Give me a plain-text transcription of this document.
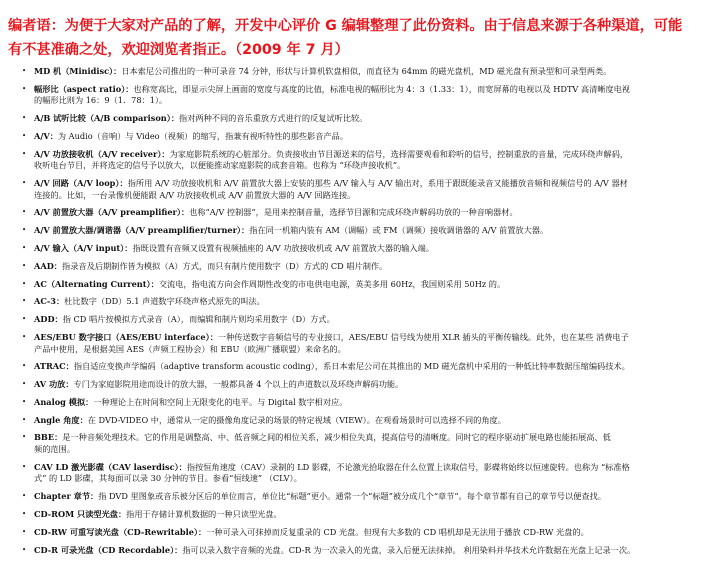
编者语：为便于大家对产品的了解，开发中心评价 G 编辑整理了此份资料。由于信息来源于各种渠道，可能
有不甚准确之处，欢迎浏览者指正。（2009 年 7 月）
• MD 机（Minidisc）：日本索尼公司推出的一种可录音 74 分钟，形状与计算机软盘相似，而直径为 64mm 的磁光盘机，MD 磁光盘有预录型和可录型两类。
• 幅形比（aspect ratio）：也称宽高比，即显示尖屏上画面的宽度与高度的比值，标准电视的幅形比为 4：3（1.33：1），而宽屏幕的电视以及 HDTV 高清晰度电视
的幅形比则为 16：9（1．78：1）。
• A/B 试听比较（A/B comparison）：指对两种不同的音乐重放方式进行的反复试听比较。
• A/V：为 Audio（音响）与 Video（视频）的缩写，指兼有视听特性的那些影音产品。
• A/V 功放接收机（A/V receiver）：为家庭影院系统的心脏部分。负责接收由节目源送来的信号，选择需要观看和聆听的信号，控制重放的音量，完成环绕声解码，
收听电台节目，并将选定的信号予以放大，以便能推动家庭影院的成套音箱。也称为 “环绕声接收机”。
• A/V 回路（A/V loop）：指所用 A/V 功放接收机和 A/V 前置放大器上安装的那些 A/V 输入与 A/V 输出对，系用于跟既能录音又能播放音频和视频信号的 A/V 器材
连接的。比如，一台录像机便能跟 A/V 功放接收机或 A/V 前置放大器的 A/V 回路连接。
• A/V 前置放大器（A/V preamplifier）：也称“A/V 控制器”，是用来控制音量，选择节目源和完成环绕声解码功放的一种音响器材。
• A/V 前置放大器/调谐器（A/V preamplifier/turner）：指在同一机箱内装有 AM（调幅）或 FM（调频）接收调谐器的 A/V 前置放大器。
• A/V 输入（A/V input）：指既设置有音频又设置有视频插座的 A/V 功放接收机或 A/V 前置放大器的输入端。
• AAD：指录音及后期制作皆为模拟（A）方式，而只有制片使用数字（D）方式的 CD 唱片制作。
• AC（Alternating Current）：交流电，指电流方向会作周期性改变的市电供电电源，英美多用 60Hz，我国则采用 50Hz 的。
• AC-3：杜比数字（DD）5.1 声道数字环绕声格式原先的叫法。
• ADD：指 CD 唱片按模拟方式录音（A），而编辑和制片则均采用数字（D）方式。
• AES/EBU 数字接口（AES/EBU interface）：一种传送数字音频信号的专业接口，AES/EBU 信号线为使用 XLR 插头的平衡传输线。此外，也在某些 消费电子
产品中使用，是根据美国 AES（声频工程协会）和 EBU（欧洲广播联盟）来命名的。
• ATRAC：指自适应变换声学编码（adaptive transform acoustic coding），系日本索尼公司在其推出的 MD 磁光盘机中采用的一种低比特率数据压缩编码技术。
• AV 功放：专门为家庭影院用途而设计的放大器，一般都具备 4 个以上的声道数以及环绕声解码功能。
• Analog 模拟：一种理论上在时间和空间上无限变化的电平。与 Digital 数字相对应。
• Angle 角度：在 DVD-VIDEO 中，通常从一定的摄像角度记录的场景的特定视域（VIEW）。在观看场景时可以选择不同的角度。
• BBE：是一种音频处理技术。它的作用是调整高、中、低音频之间的相位关系，减少相位失真，提高信号的清晰度。同时它的程序驱动扩展电路也能拓展高、低
频的范围。
• CAV LD 激光影碟（CAV laserdisc）：指按恒角速度（CAV）录制的 LD 影碟，不论激光拾取器在什么位置上读取信号，影碟将始终以恒速旋转。也称为 “标准格
式” 的 LD 影碟，其每面可以录 30 分钟的节目。参看“恒线速” （CLV）。
• Chapter 章节：指 DVD 里图象或音乐被分区后的单位而言，单位比“标题”更小。通常一个“标题”被分成几个“章节”。每个章节都有自己的章节号以便查找。
• CD-ROM 只读型光盘：指用于存储计算机数据的一种只读型光盘。
• CD-RW 可重写读光盘（CD-Rewritable）：一种可录入可抹掉而反复重录的 CD 光盘。但现有大多数的 CD 唱机却是无法用于播放 CD-RW 光盘的。
• CD-R 可录光盘（CD Recordable）：指可以录入数字音频的光盘。CD-R 为一次录入的光盘，录入后便无法抹掉。 利用染料并华技术允许数据在光盘上记录一次。
